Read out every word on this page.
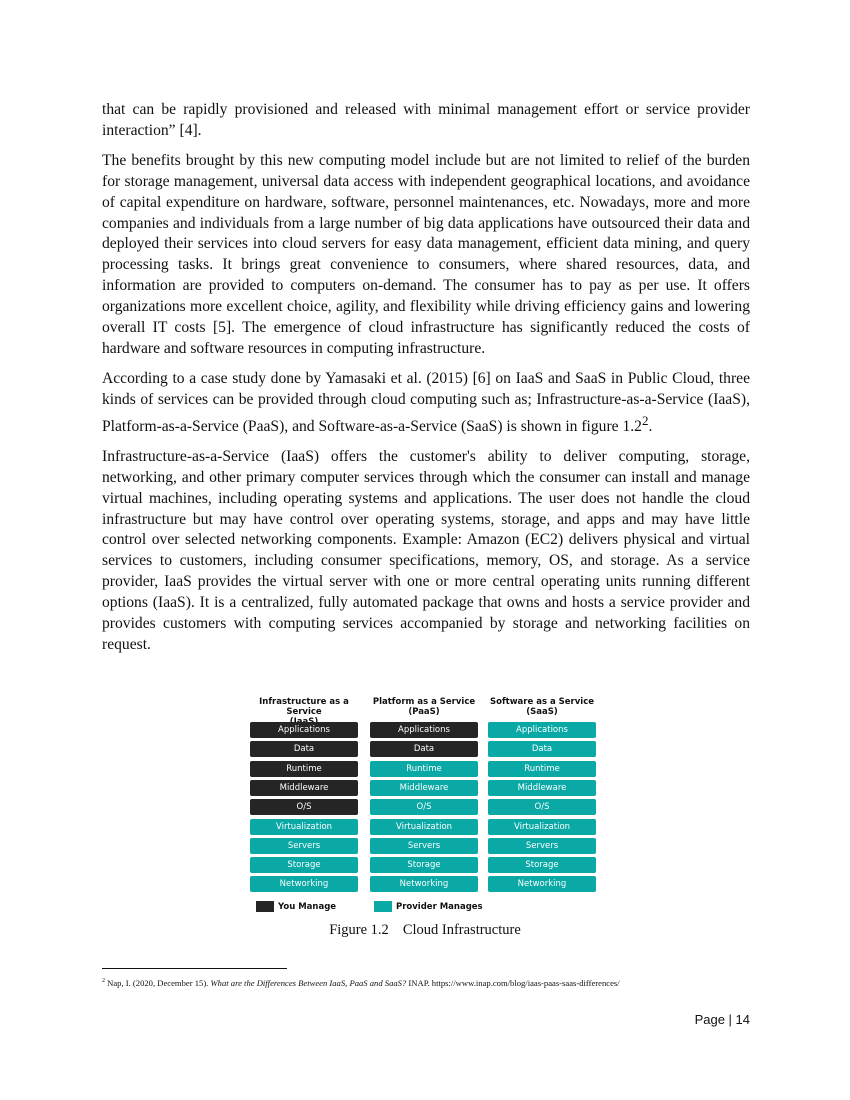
that can be rapidly provisioned and released with minimal management effort or service provider interaction” [4].

The benefits brought by this new computing model include but are not limited to relief of the burden for storage management, universal data access with independent geographical locations, and avoidance of capital expenditure on hardware, software, personnel maintenances, etc. Nowadays, more and more companies and individuals from a large number of big data applications have outsourced their data and deployed their services into cloud servers for easy data management, efficient data mining, and query processing tasks. It brings great convenience to consumers, where shared resources, data, and information are provided to computers on-demand. The consumer has to pay as per use. It offers organizations more excellent choice, agility, and flexibility while driving efficiency gains and lowering overall IT costs [5]. The emergence of cloud infrastructure has significantly reduced the costs of hardware and software resources in computing infrastructure.

According to a case study done by Yamasaki et al. (2015) [6] on IaaS and SaaS in Public Cloud, three kinds of services can be provided through cloud computing such as; Infrastructure-as-a-Service (IaaS), Platform-as-a-Service (PaaS), and Software-as-a-Service (SaaS) is shown in figure $1.2^2$.

Infrastructure-as-a-Service (IaaS) offers the customer's ability to deliver computing, storage, networking, and other primary computer services through which the consumer can install and manage virtual machines, including operating systems and applications. The user does not handle the cloud infrastructure but may have control over operating systems, storage, and apps and may have little control over selected networking components. Example: Amazon (EC2) delivers physical and virtual services to customers, including consumer specifications, memory, OS, and storage. As a service provider, IaaS provides the virtual server with one or more central operating units running different options (IaaS). It is a centralized, fully automated package that owns and hosts a service provider and provides customers with computing services accompanied by storage and networking facilities on request.

Infrastructure as a Service
Applications
Data
Runtime
Middleware
O/S
Virtualization
Servers
Storage
Networking
Platform as a Service
(PaaS)
Applications
Data
Runtime
Middleware
O/S
Virtualization
Servers
Storage
Networking
Software as a Service
(SaaS)
Applications
Data
Runtime
Middleware
O/S
Virtualization
Servers
Storage
Networking
You Manage	Provider Manages
Figure 1.2 Cloud Infrastructure
$^2$ Nap, I. (2020, December 15). What are the Differences Between IaaS, PaaS and SaaS? INAP. https://www.inap.com/blog/iaas-paas-saas-differences/
Page | 14
